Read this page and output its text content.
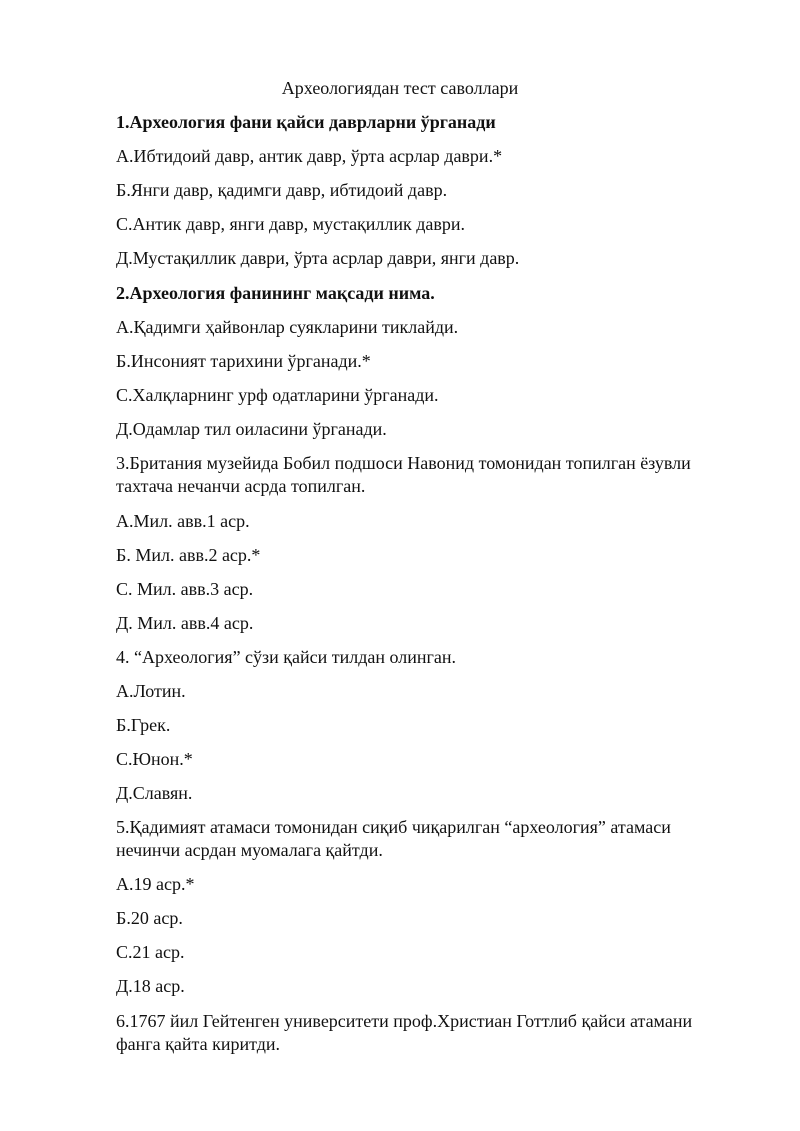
Археологиядан тест саволлари

1.Археология фани қайси даврларни ўрганади

А.Ибтидоий давр, антик давр, ўрта асрлар даври.*

Б.Янги давр, қадимги давр, ибтидоий давр.

С.Антик давр, янги давр, мустақиллик даври.

Д.Мустақиллик даври, ўрта асрлар даври, янги давр.

2.Археология фанининг мақсади нима.

А.Қадимги ҳайвонлар суякларини тиклайди.

Б.Инсоният тарихини ўрганади.*

С.Халқларнинг урф одатларини ўрганади.

Д.Одамлар тил оиласини ўрганади.

3.Британия музейида Бобил подшоси Навонид томонидан топилган ёзувли

тахтача нечанчи асрда топилган.

А.Мил. авв.1 аср.

Б. Мил. авв.2 аср.*

С. Мил. авв.3 аср.

Д. Мил. авв.4 аср.

4. “Археология” сўзи қайси тилдан олинган.

А.Лотин.

Б.Грек.

С.Юнон.*

Д.Славян.

5.Қадимият атамаси томонидан сиқиб чиқарилган “археология” атамаси

нечинчи асрдан муомалага қайтди.

А.19 аср.*

Б.20 аср.

С.21 аср.

Д.18 аср.

6.1767 йил Гейтенген университети проф.Христиан Готтлиб қайси атамани

фанга қайта киритди.
